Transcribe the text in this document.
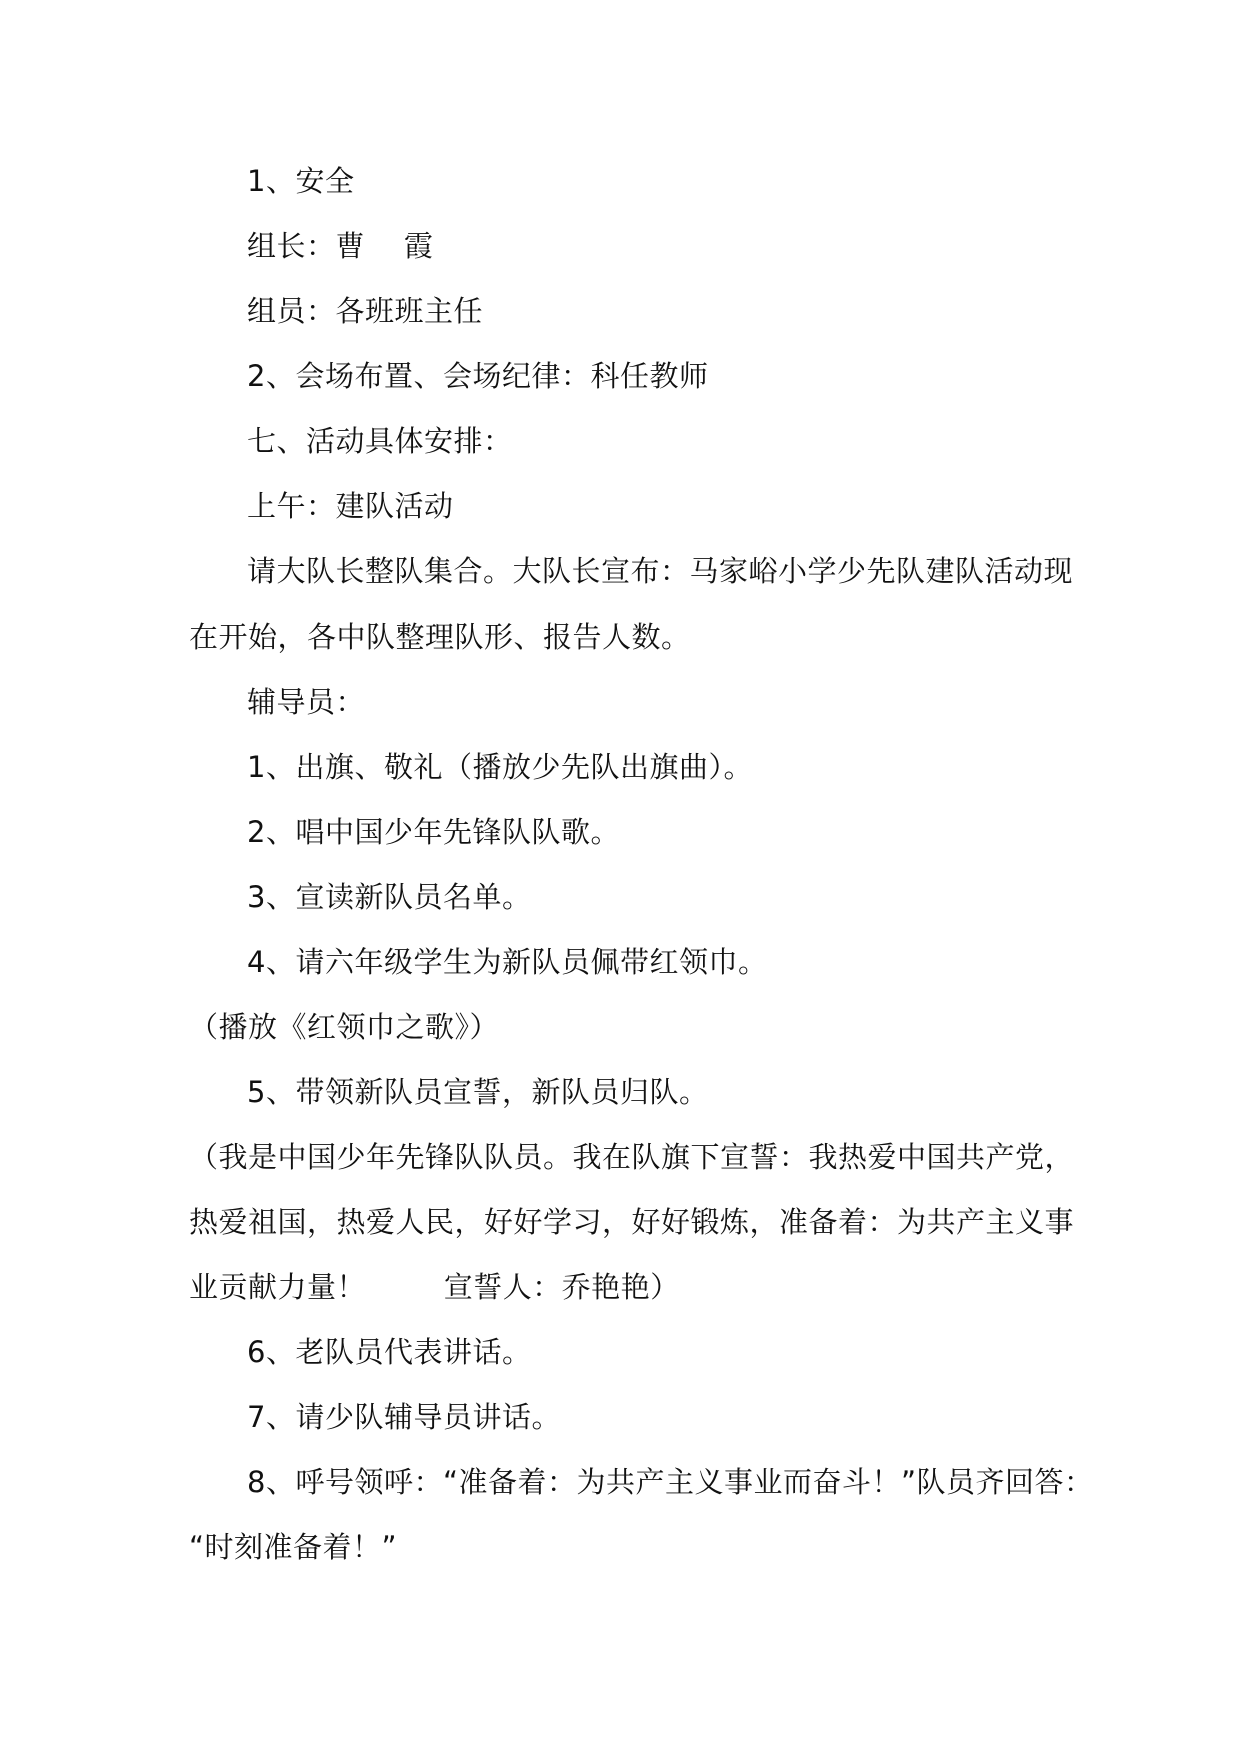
1、安全
组长：曹    霞
组员：各班班主任
2、会场布置、会场纪律：科任教师
七、活动具体安排：
上午：建队活动
请大队长整队集合。大队长宣布：马家峪小学少先队建队活动现
在开始，各中队整理队形、报告人数。
辅导员：
1、出旗、敬礼（播放少先队出旗曲）。
2、唱中国少年先锋队队歌。
3、宣读新队员名单。
4、请六年级学生为新队员佩带红领巾。
（播放《红领巾之歌》）
5、带领新队员宣誓，新队员归队。
（我是中国少年先锋队队员。我在队旗下宣誓：我热爱中国共产党，
热爱祖国，热爱人民，好好学习，好好锻炼，准备着：为共产主义事
业贡献力量！        宣誓人：乔艳艳）
6、老队员代表讲话。
7、请少队辅导员讲话。
8、呼号领呼：“准备着：为共产主义事业而奋斗！”队员齐回答：
“时刻准备着！”
